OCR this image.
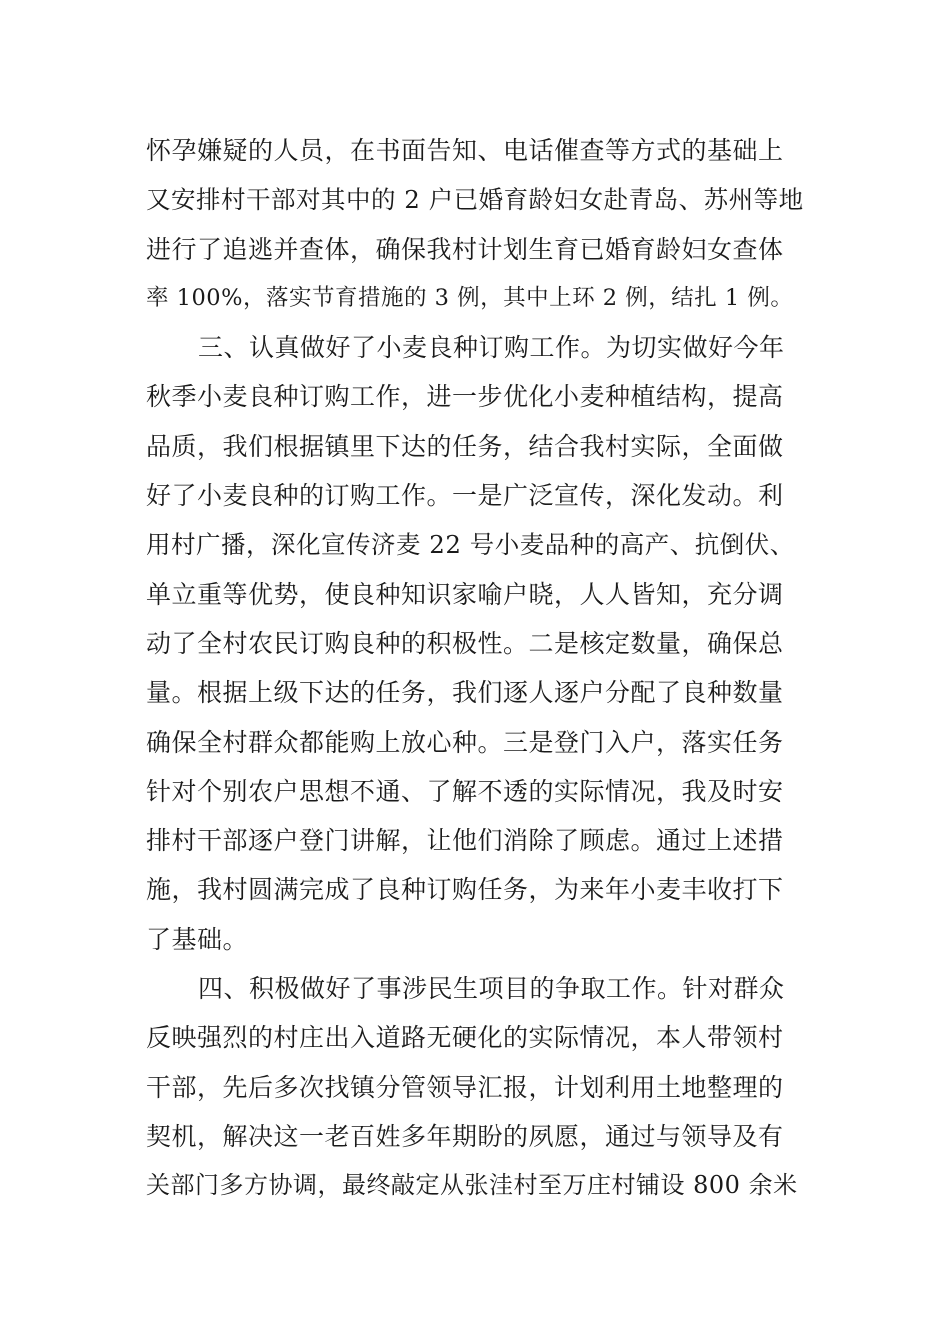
怀孕嫌疑的人员，在书面告知、电话催查等方式的基础上
又安排村干部对其中的 2 户已婚育龄妇女赴青岛、苏州等地
进行了追逃并查体，确保我村计划生育已婚育龄妇女查体
率 100%，落实节育措施的 3 例，其中上环 2 例，结扎 1 例。
三、认真做好了小麦良种订购工作。为切实做好今年
秋季小麦良种订购工作，进一步优化小麦种植结构，提高
品质，我们根据镇里下达的任务，结合我村实际，全面做
好了小麦良种的订购工作。一是广泛宣传，深化发动。利
用村广播，深化宣传济麦 22 号小麦品种的高产、抗倒伏、
单立重等优势，使良种知识家喻户晓，人人皆知，充分调
动了全村农民订购良种的积极性。二是核定数量，确保总
量。根据上级下达的任务，我们逐人逐户分配了良种数量
确保全村群众都能购上放心种。三是登门入户，落实任务
针对个别农户思想不通、了解不透的实际情况，我及时安
排村干部逐户登门讲解，让他们消除了顾虑。通过上述措
施，我村圆满完成了良种订购任务，为来年小麦丰收打下
了基础。
四、积极做好了事涉民生项目的争取工作。针对群众
反映强烈的村庄出入道路无硬化的实际情况，本人带领村
干部，先后多次找镇分管领导汇报，计划利用土地整理的
契机，解决这一老百姓多年期盼的夙愿，通过与领导及有
关部门多方协调，最终敲定从张洼村至万庄村铺设 800 余米
